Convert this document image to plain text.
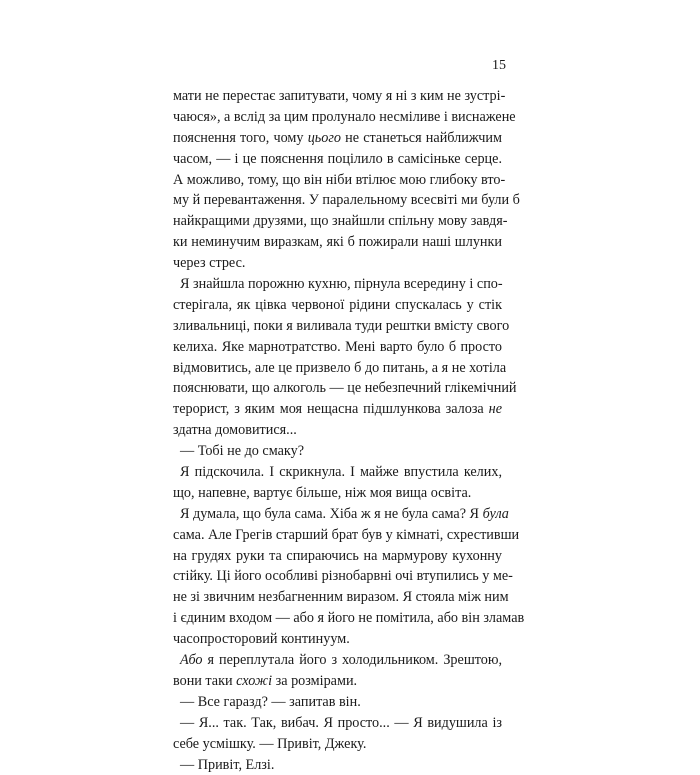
15
мати не перестає запитувати, чому я ні з ким не зустрі-
чаюся», а вслід за цим пролунало несміливе і виснажене
пояснення того, чому цього не станеться найближчим
часом, — і це пояснення поцілило в самісіньке серце.
А можливо, тому, що він ніби втілює мою глибоку вто-
му й перевантаження. У паралельному всесвіті ми були б
найкращими друзями, що знайшли спільну мову завдя-
ки неминучим виразкам, які б пожирали наші шлунки
через стрес.
Я знайшла порожню кухню, пірнула всередину і спо-
стерігала, як цівка червоної рідини спускалась у стік
зливальниці, поки я виливала туди рештки вмісту свого
келиха. Яке марнотратство. Мені варто було б просто
відмовитись, але це призвело б до питань, а я не хотіла
пояснювати, що алкоголь — це небезпечний глікемічний
терорист, з яким моя нещасна підшлункова залоза не
здатна домовитися...
— Тобі не до смаку?
Я підскочила. І скрикнула. І майже впустила келих,
що, напевне, вартує більше, ніж моя вища освіта.
Я думала, що була сама. Хіба ж я не була сама? Я була
сама. Але Грегів старший брат був у кімнаті, схрестивши
на грудях руки та спираючись на мармурову кухонну
стійку. Ці його особливі різнобарвні очі втупились у ме-
не зі звичним незбагненним виразом. Я стояла між ним
і єдиним входом — або я його не помітила, або він зламав
часопросторовий континуум.
Або я переплутала його з холодильником. Зрештою,
вони таки схожі за розмірами.
— Все гаразд? — запитав він.
— Я... так. Так, вибач. Я просто... — Я видушила із
себе усмішку. — Привіт, Джеку.
— Привіт, Елзі.
